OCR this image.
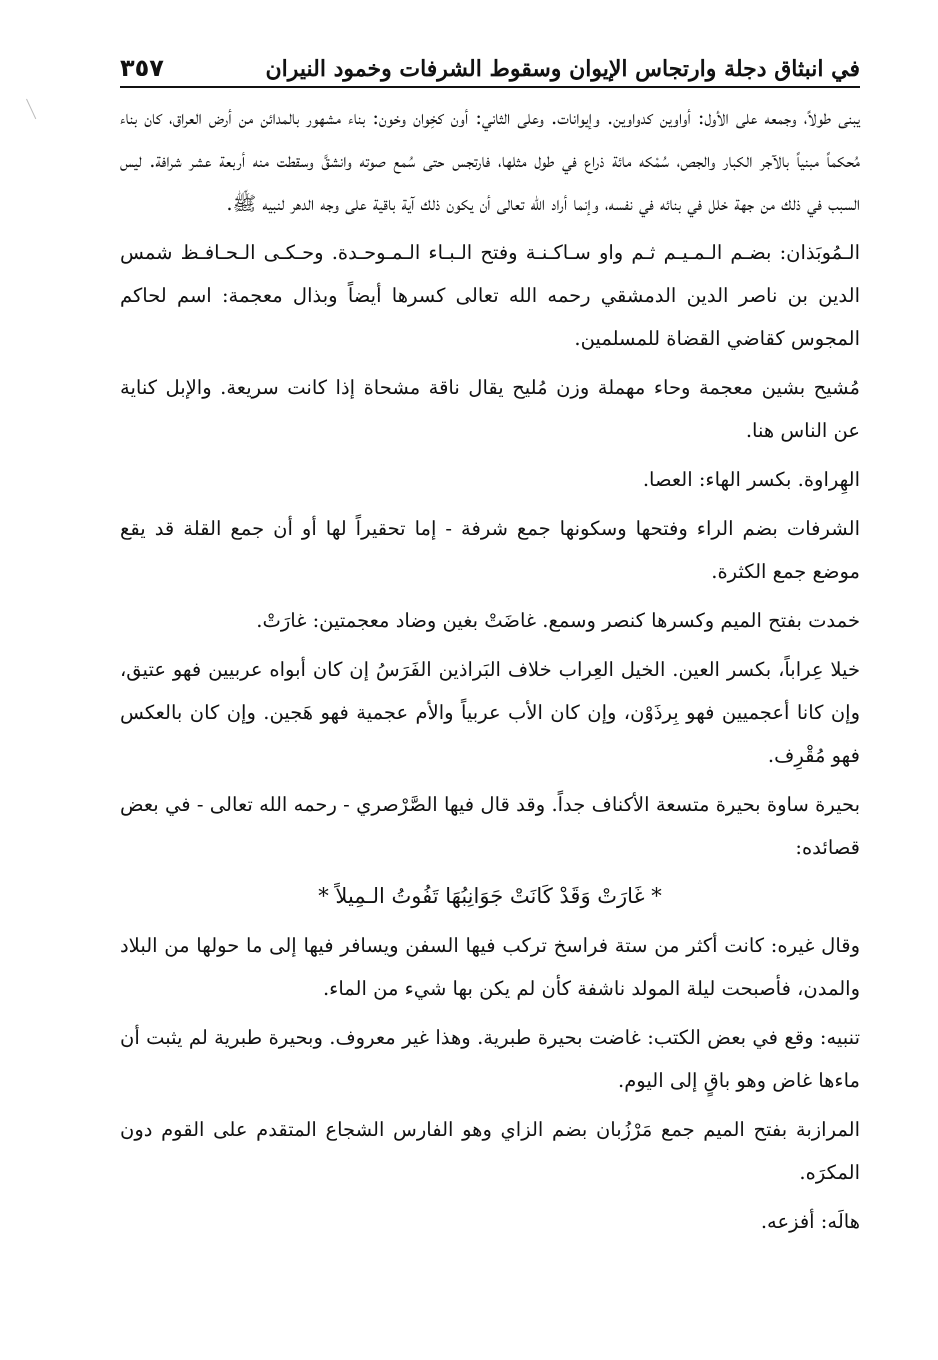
في انبثاق دجلة وارتجاس الإيوان وسقوط الشرفات وخمود النيران
٣٥٧

يبنى طولاً، وجمعه على الأول: أواوين كدواوين. وإيوانات. وعلى الثاني: أون كخِوان وخون: بناء مشهور بالمدائن من أرض العراق، كان بناء مُحكماً مبنياً بالآجر الكبار والجص، سُمْكه مائة ذراع في طول مثلها، فارتجس حتى سُمع صوته وانشقَّ وسقطت منه أربعة عشر شرافة. ليس السبب في ذلك من جهة خلل في بنائه في نفسه، وإنما أراد الله تعالى أن يكون ذلك آية باقية على وجه الدهر لنبيه ﷺ.

الـمُوبَذان: بضـم الـمـيـم ثـم واو سـاكـنـة وفتح الـبـاء الـمـوحـدة. وحـكـى الـحـافـظ شمس الدين بن ناصر الدين الدمشقي رحمه الله تعالى كسرها أيضاً وبذال معجمة: اسم لحاكم المجوس كقاضي القضاة للمسلمين.

مُشيح بشين معجمة وحاء مهملة وزن مُليح يقال ناقة مشحاة إذا كانت سريعة. والإبل كناية عن الناس هنا.

الهِراوة. بكسر الهاء: العصا.

الشرفات بضم الراء وفتحها وسكونها جمع شرفة - إما تحقيراً لها أو أن جمع القلة قد يقع موضع جمع الكثرة.

خمدت بفتح الميم وكسرها كنصر وسمع. غاضَتْ بغين وضاد معجمتين: غارَتْ.

خيلا عِراباً، بكسر العين. الخيل العِراب خلاف البَراذين الفَرَسُ إن كان أبواه عربيين فهو عتيق، وإن كانا أعجميين فهو بِرذَوْن، وإن كان الأب عربياً والأم عجمية فهو هَجين. وإن كان بالعكس فهو مُقْرِف.

بحيرة ساوة بحيرة متسعة الأكناف جداً. وقد قال فيها الصَّرْصري - رحمه الله تعالى - في بعض قصائده:

* غَارَتْ وَقَدْ كَانَتْ جَوَانِبُهَا تَفُوتُ الـمِيلاً *

وقال غيره: كانت أكثر من ستة فراسخ تركب فيها السفن ويسافر فيها إلى ما حولها من البلاد والمدن، فأصبحت ليلة المولد ناشفة كأن لم يكن بها شيء من الماء.

تنبيه: وقع في بعض الكتب: غاضت بحيرة طبرية. وهذا غير معروف. وبحيرة طبرية لم يثبت أن ماءها غاض وهو باقٍ إلى اليوم.

المرازبة بفتح الميم جمع مَرْزُبان بضم الزاي وهو الفارس الشجاع المتقدم على القوم دون المكرَه.

هالَه: أفزعه.
